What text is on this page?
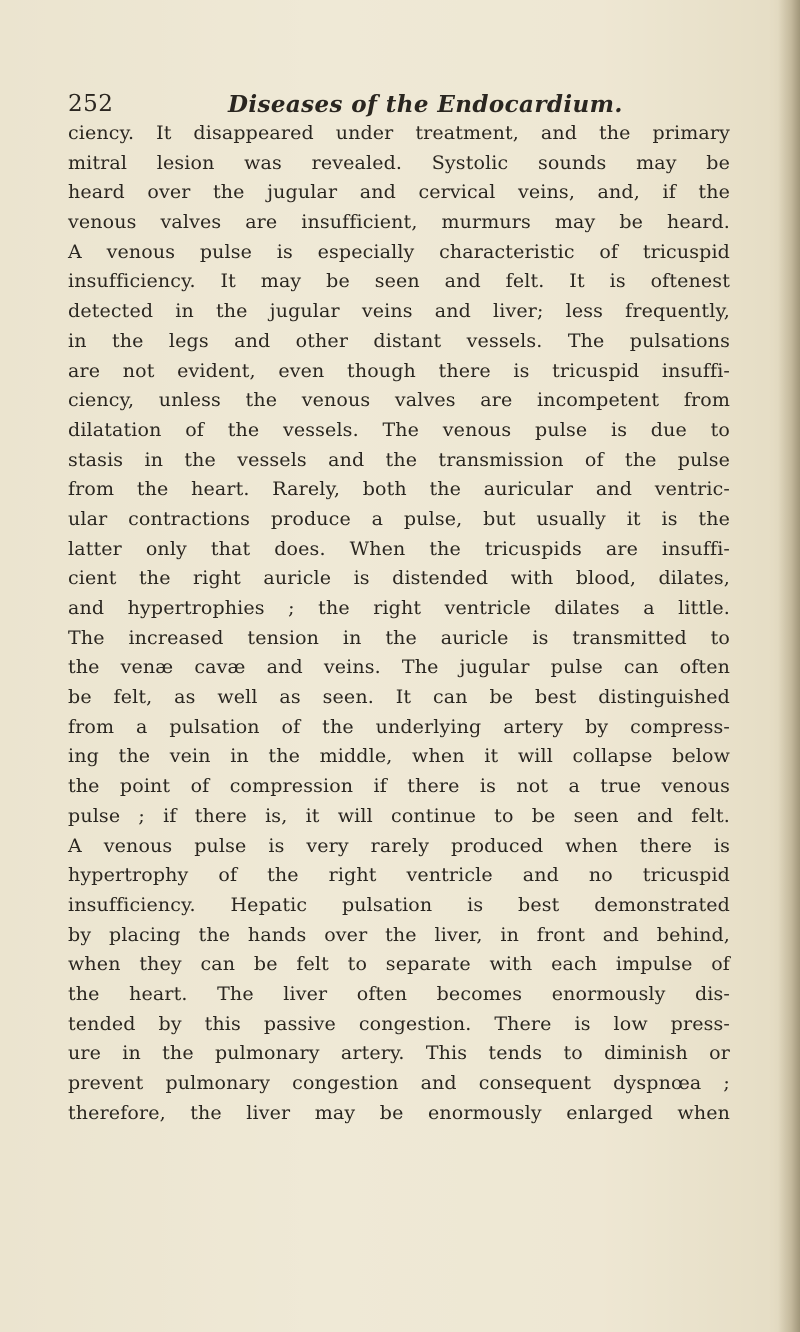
252	Diseases of the Endocardium.
ciency. It disappeared under treatment, and the primary
mitral lesion was revealed. Systolic sounds may be
heard over the jugular and cervical veins, and, if the
venous valves are insufficient, murmurs may be heard.
A venous pulse is especially characteristic of tricuspid
insufficiency. It may be seen and felt. It is oftenest
detected in the jugular veins and liver; less frequently,
in the legs and other distant vessels. The pulsations
are not evident, even though there is tricuspid insuffi-
ciency, unless the venous valves are incompetent from
dilatation of the vessels. The venous pulse is due to
stasis in the vessels and the transmission of the pulse
from the heart. Rarely, both the auricular and ventric-
ular contractions produce a pulse, but usually it is the
latter only that does. When the tricuspids are insuffi-
cient the right auricle is distended with blood, dilates,
and hypertrophies ; the right ventricle dilates a little.
The increased tension in the auricle is transmitted to
the venæ cavæ and veins. The jugular pulse can often
be felt, as well as seen. It can be best distinguished
from a pulsation of the underlying artery by compress-
ing the vein in the middle, when it will collapse below
the point of compression if there is not a true venous
pulse ; if there is, it will continue to be seen and felt.
A venous pulse is very rarely produced when there is
hypertrophy of the right ventricle and no tricuspid
insufficiency. Hepatic pulsation is best demonstrated
by placing the hands over the liver, in front and behind,
when they can be felt to separate with each impulse of
the heart. The liver often becomes enormously dis-
tended by this passive congestion. There is low press-
ure in the pulmonary artery. This tends to diminish or
prevent pulmonary congestion and consequent dyspnœa ;
therefore, the liver may be enormously enlarged when
